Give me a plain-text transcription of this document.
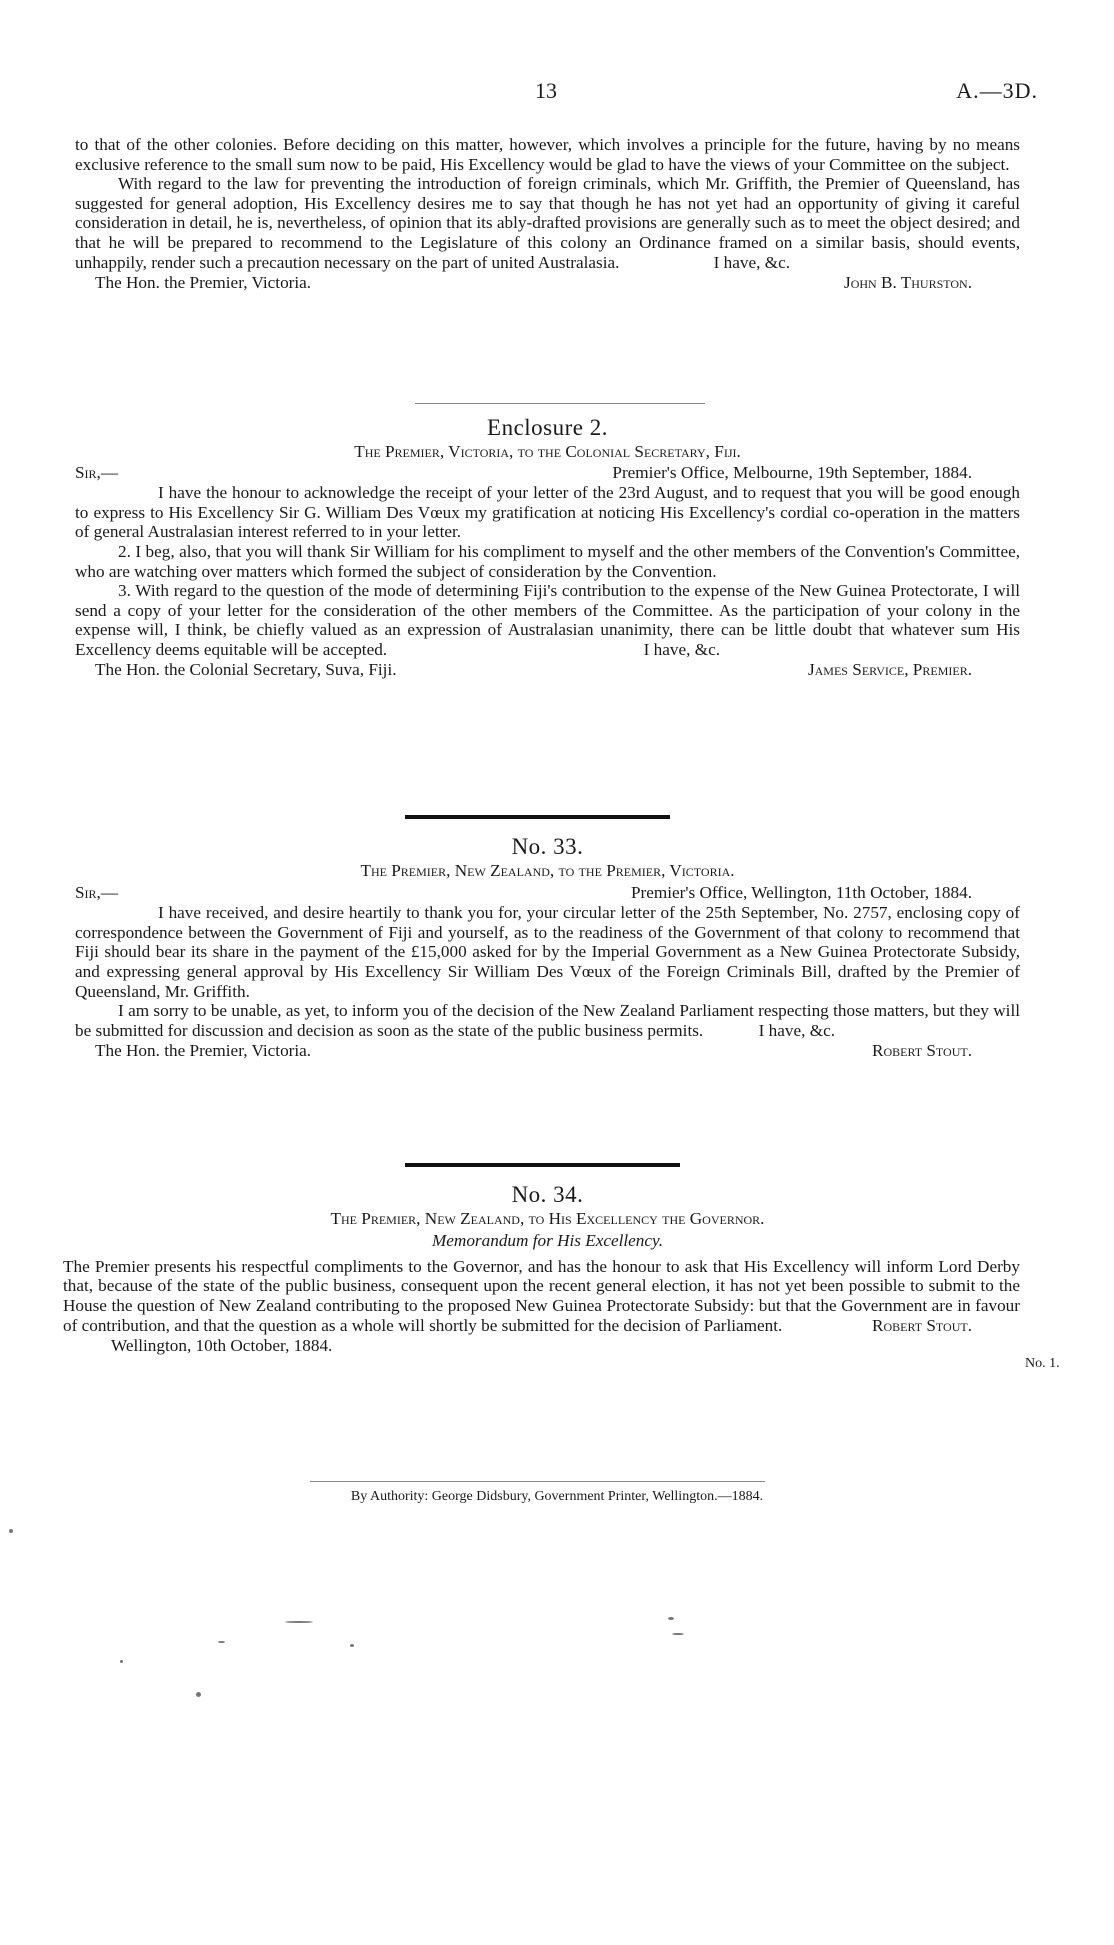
13	A.—3D.

to that of the other colonies. Before deciding on this matter, however, which involves a principle for the future, having by no means exclusive reference to the small sum now to be paid, His Excellency would be glad to have the views of your Committee on the subject.

With regard to the law for preventing the introduction of foreign criminals, which Mr. Griffith, the Premier of Queensland, has suggested for general adoption, His Excellency desires me to say that though he has not yet had an opportunity of giving it careful consideration in detail, he is, nevertheless, of opinion that its ably-drafted provisions are generally such as to meet the object desired; and that he will be prepared to recommend to the Legislature of this colony an Ordinance framed on a similar basis, should events, unhappily, render such a precaution necessary on the part of united Australasia.	I have, &c.
The Hon. the Premier, Victoria.	John B. Thurston.
Enclosure 2.
The Premier, Victoria, to the Colonial Secretary, Fiji.
Sir,—	Premier's Office, Melbourne, 19th September, 1884.

I have the honour to acknowledge the receipt of your letter of the 23rd August, and to request that you will be good enough to express to His Excellency Sir G. William Des Vœux my gratification at noticing His Excellency's cordial co-operation in the matters of general Australasian interest referred to in your letter.

2. I beg, also, that you will thank Sir William for his compliment to myself and the other members of the Convention's Committee, who are watching over matters which formed the subject of consideration by the Convention.

3. With regard to the question of the mode of determining Fiji's contribution to the expense of the New Guinea Protectorate, I will send a copy of your letter for the consideration of the other members of the Committee. As the participation of your colony in the expense will, I think, be chiefly valued as an expression of Australasian unanimity, there can be little doubt that whatever sum His Excellency deems equitable will be accepted.	I have, &c.
The Hon. the Colonial Secretary, Suva, Fiji.	James Service, Premier.
No. 33.
The Premier, New Zealand, to the Premier, Victoria.
Sir,—	Premier's Office, Wellington, 11th October, 1884.

I have received, and desire heartily to thank you for, your circular letter of the 25th September, No. 2757, enclosing copy of correspondence between the Government of Fiji and yourself, as to the readiness of the Government of that colony to recommend that Fiji should bear its share in the payment of the £15,000 asked for by the Imperial Government as a New Guinea Protectorate Subsidy, and expressing general approval by His Excellency Sir William Des Vœux of the Foreign Criminals Bill, drafted by the Premier of Queensland, Mr. Griffith.

I am sorry to be unable, as yet, to inform you of the decision of the New Zealand Parliament respecting those matters, but they will be submitted for discussion and decision as soon as the state of the public business permits.	I have, &c.
The Hon. the Premier, Victoria.	Robert Stout.
No. 34.
The Premier, New Zealand, to His Excellency the Governor.
Memorandum for His Excellency.

The Premier presents his respectful compliments to the Governor, and has the honour to ask that His Excellency will inform Lord Derby that, because of the state of the public business, consequent upon the recent general election, it has not yet been possible to submit to the House the question of New Zealand contributing to the proposed New Guinea Protectorate Subsidy: but that the Government are in favour of contribution, and that the question as a whole will shortly be submitted for the decision of Parliament.	Robert Stout.
Wellington, 10th October, 1884.
No. 1.
By Authority: George Didsbury, Government Printer, Wellington.—1884.
